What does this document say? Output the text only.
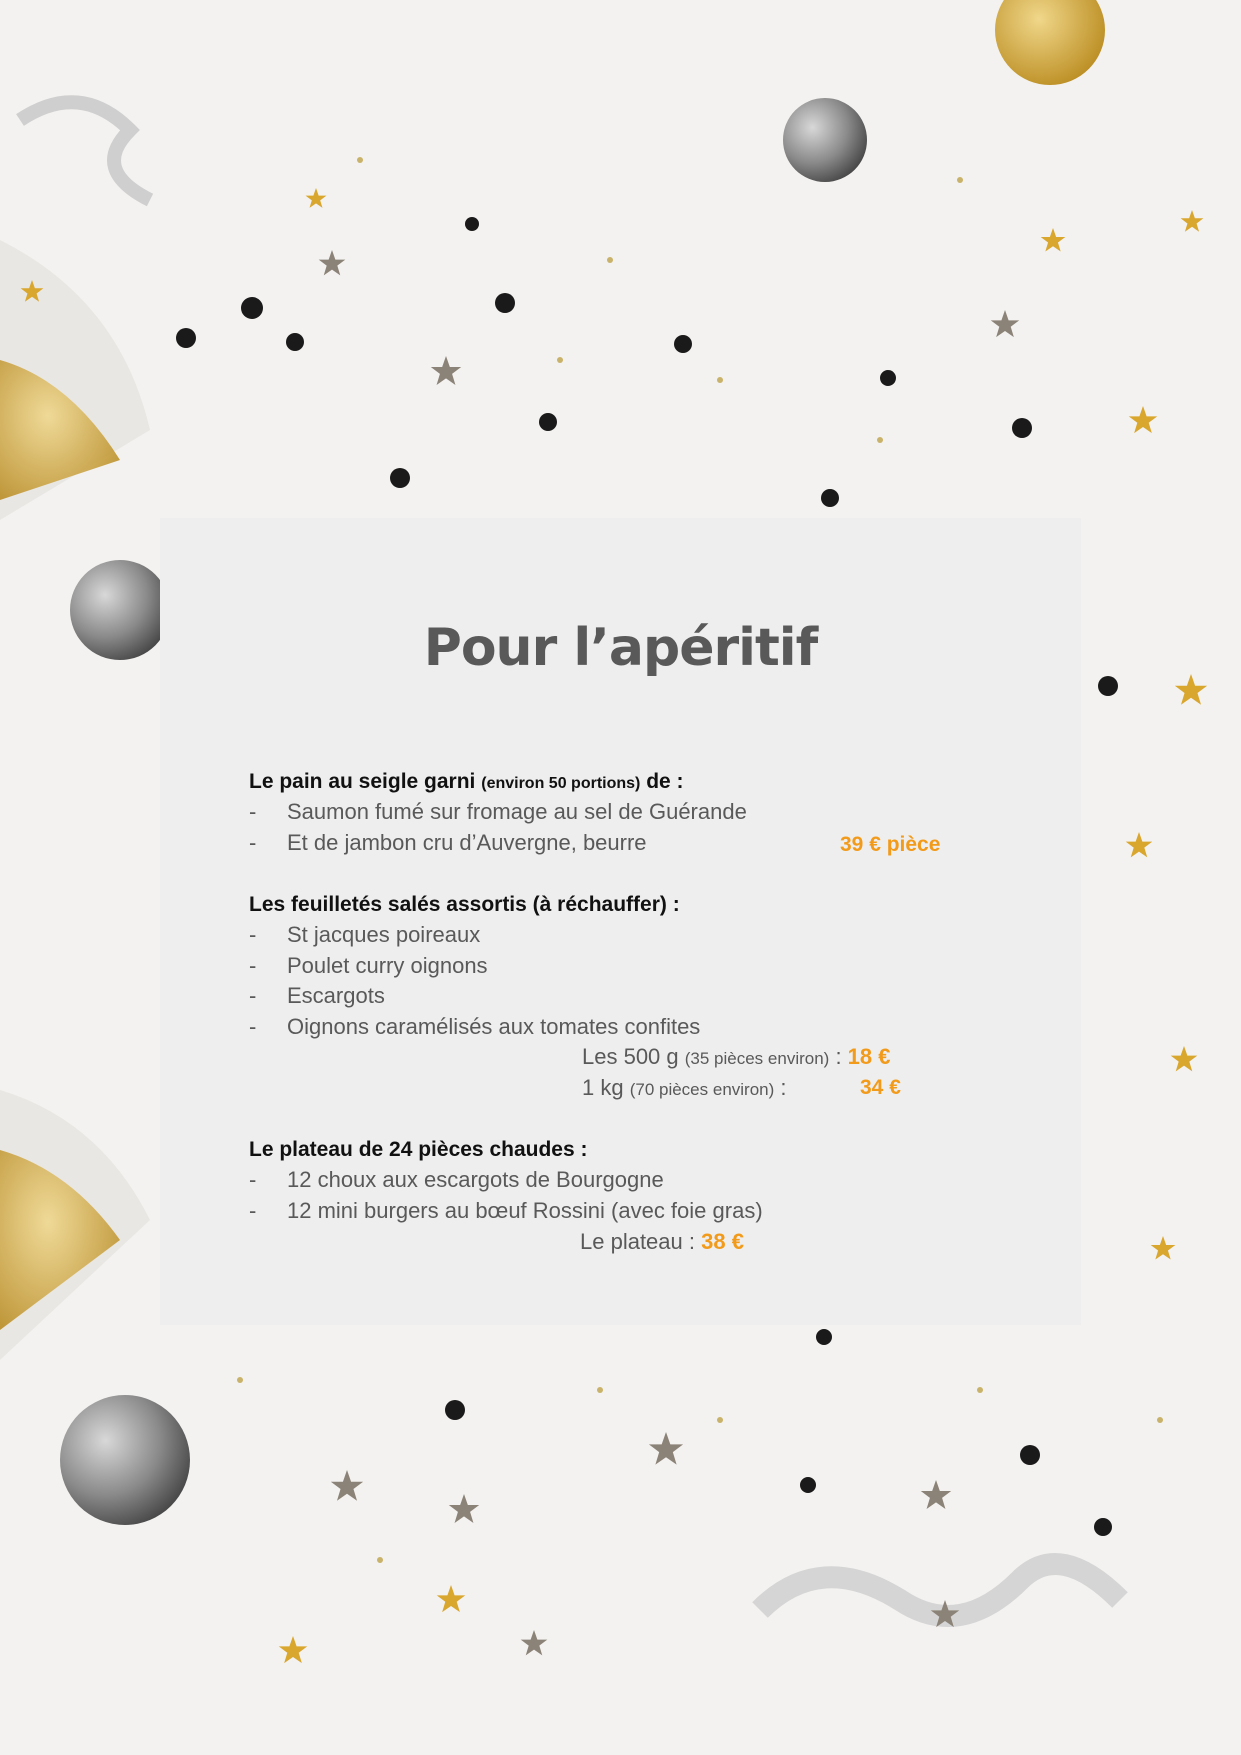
Pour l’apéritif
Le pain au seigle garni (environ 50 portions) de :
- Saumon fumé sur fromage au sel de Guérande
- Et de jambon cru d’Auvergne, beurre	39 € pièce
Les feuilletés salés assortis (à réchauffer) :
- St jacques poireaux
- Poulet curry oignons
- Escargots
- Oignons caramélisés aux tomates confites
Les 500 g (35 pièces environ) : 18 €
1 kg (70 pièces environ) :	34 €
Le plateau de 24 pièces chaudes :
- 12 choux aux escargots de Bourgogne
- 12 mini burgers au bœuf Rossini (avec foie gras)
Le plateau : 38 €
